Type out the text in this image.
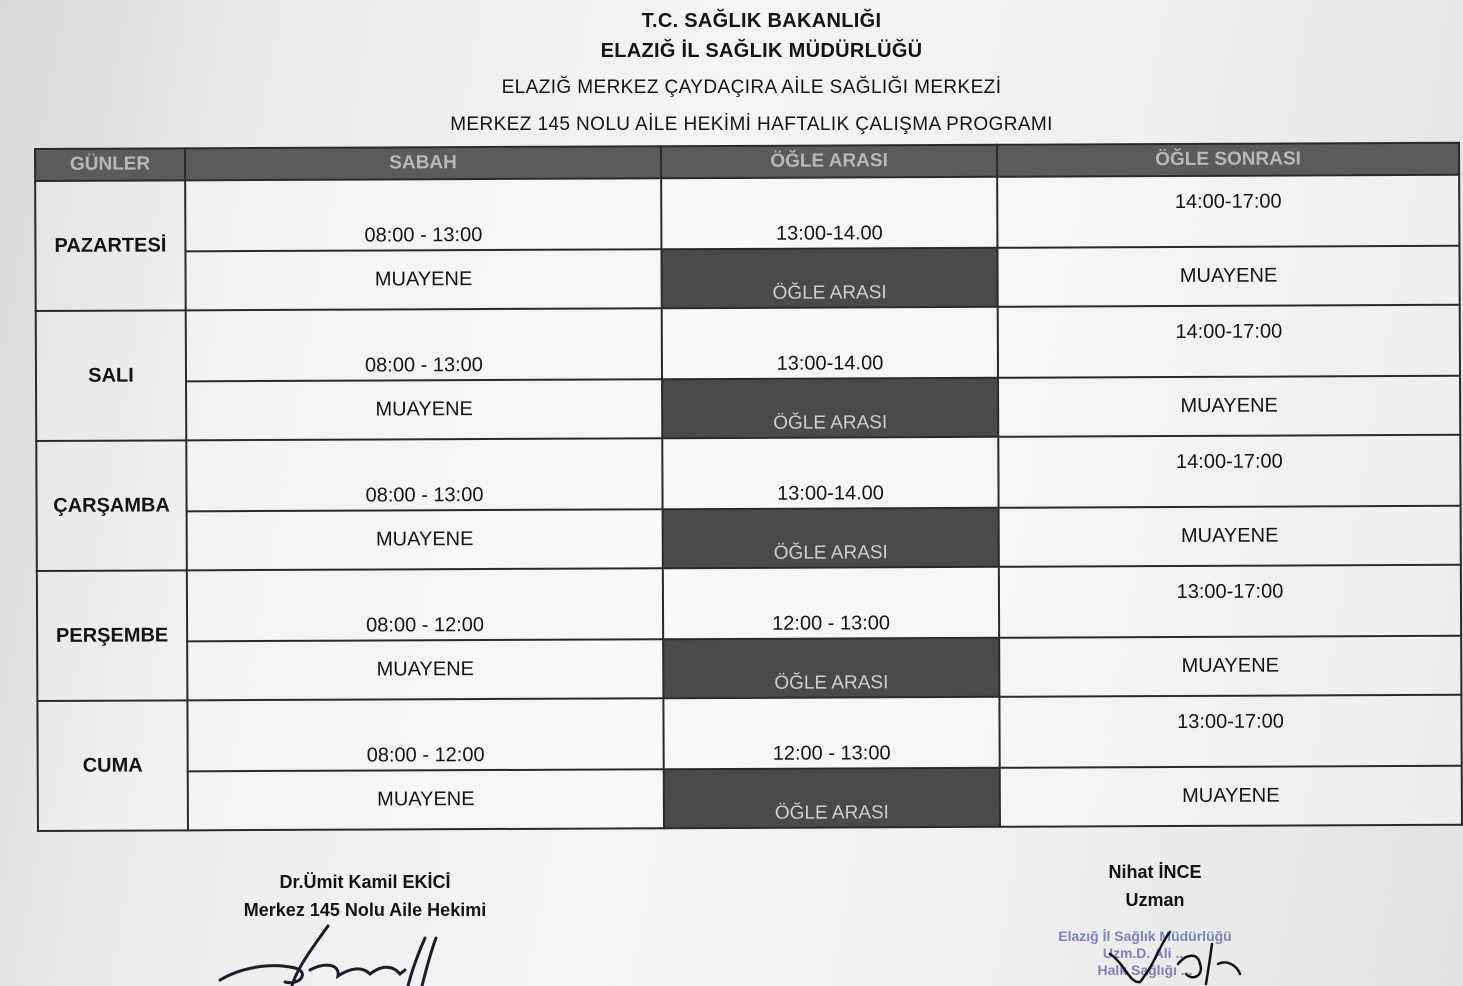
T.C. SAĞLIK BAKANLIĞI
ELAZIĞ İL SAĞLIK MÜDÜRLÜĞÜ
ELAZIĞ MERKEZ ÇAYDAÇIRA AİLE SAĞLIĞI MERKEZİ
MERKEZ 145 NOLU AİLE HEKİMİ HAFTALIK ÇALIŞMA PROGRAMI
GÜNLER	SABAH	ÖĞLE ARASI	ÖĞLE SONRASI
PAZARTESİ	08:00 - 13:00	13:00-14.00	14:00-17:00
	MUAYENE	ÖĞLE ARASI	MUAYENE
SALI	08:00 - 13:00	13:00-14.00	14:00-17:00
	MUAYENE	ÖĞLE ARASI	MUAYENE
ÇARŞAMBA	08:00 - 13:00	13:00-14.00	14:00-17:00
	MUAYENE	ÖĞLE ARASI	MUAYENE
PERŞEMBE	08:00 - 12:00	12:00 - 13:00	13:00-17:00
	MUAYENE	ÖĞLE ARASI	MUAYENE
CUMA	08:00 - 12:00	12:00 - 13:00	13:00-17:00
	MUAYENE	ÖĞLE ARASI	MUAYENE
Dr.Ümit Kamil EKİCİ
Merkez 145 Nolu Aile Hekimi
Nihat İNCE
Uzman
Elazığ İl Sağlık Müdürlüğü
Uzm.D. Ali ...
Halk Sağlığı ...
